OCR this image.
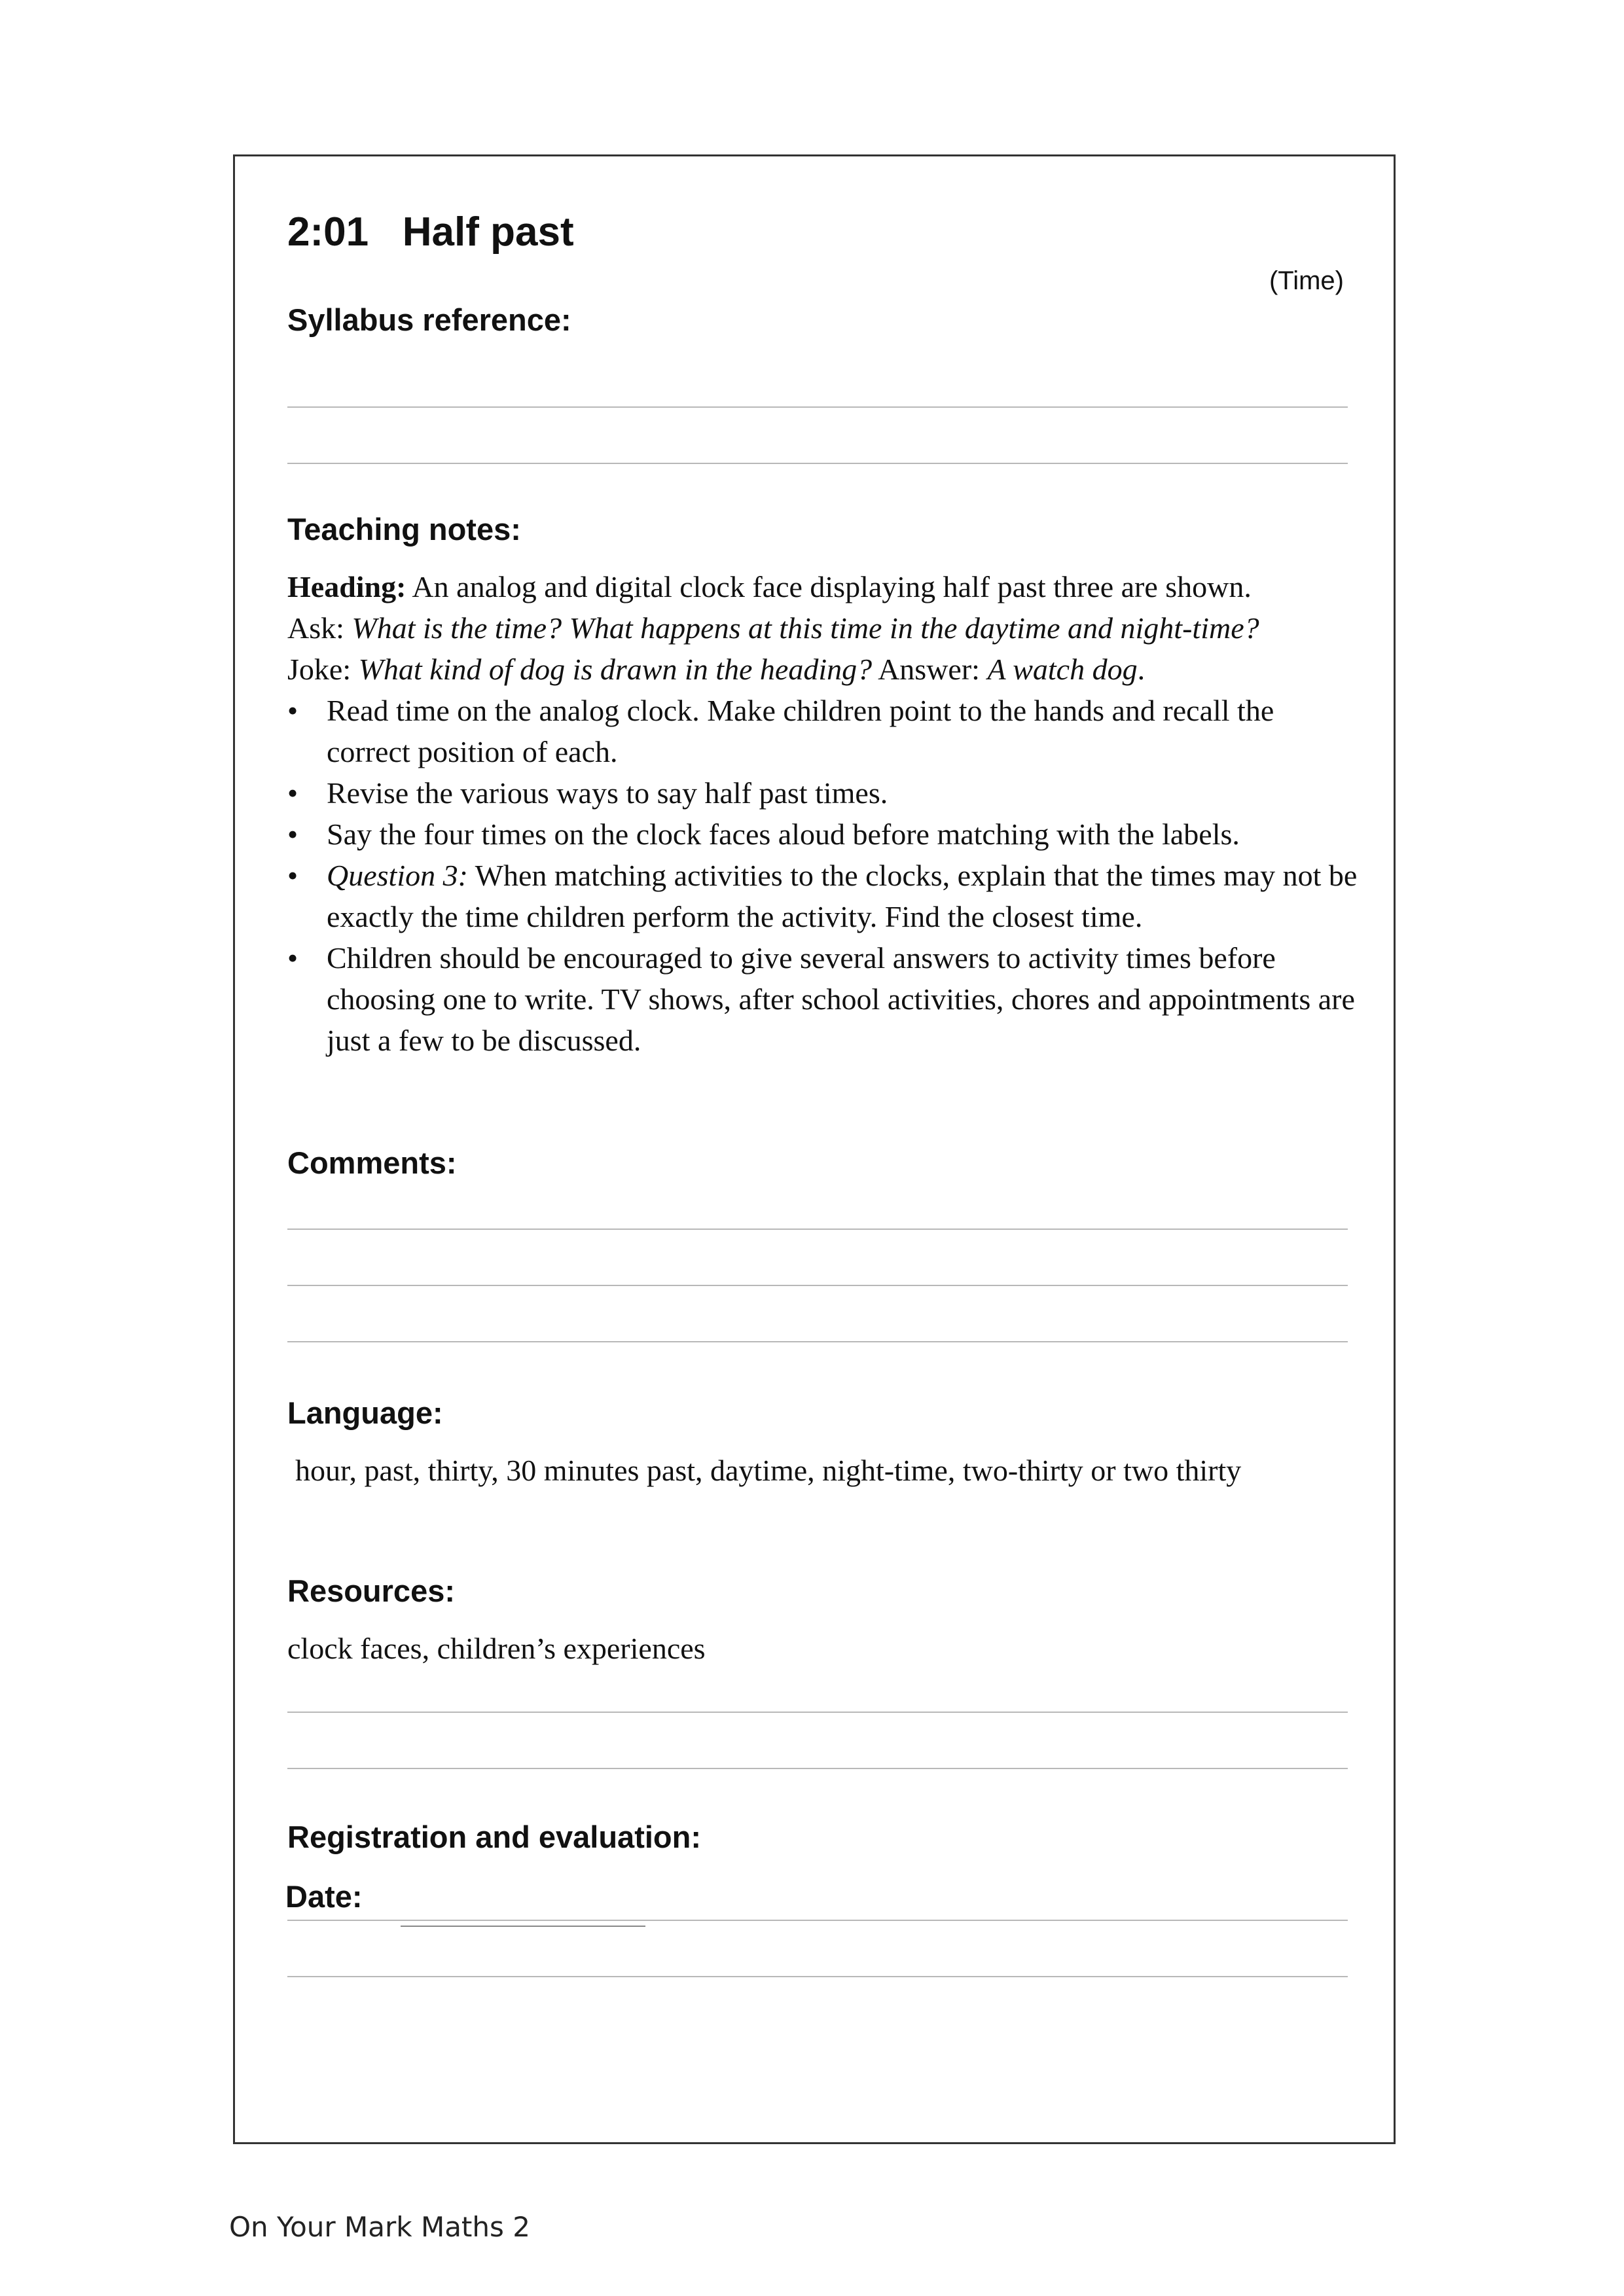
2:01 Half past
(Time)
Syllabus reference:
Teaching notes:

Heading: An analog and digital clock face displaying half past three are shown.

Ask: What is the time? What happens at this time in the daytime and night-time?

Joke: What kind of dog is drawn in the heading? Answer: A watch dog.

• Read time on the analog clock. Make children point to the hands and recall the correct position of each.
• Revise the various ways to say half past times.
• Say the four times on the clock faces aloud before matching with the labels.
• Question 3: When matching activities to the clocks, explain that the times may not be exactly the time children perform the activity. Find the closest time.
• Children should be encouraged to give several answers to activity times before choosing one to write. TV shows, after school activities, chores and appointments are just a few to be discussed.
Comments:
Language:
hour, past, thirty, 30 minutes past, daytime, night-time, two-thirty or two thirty
Resources:
clock faces, children’s experiences
Registration and evaluation:
Date:
On Your Mark Maths 2
